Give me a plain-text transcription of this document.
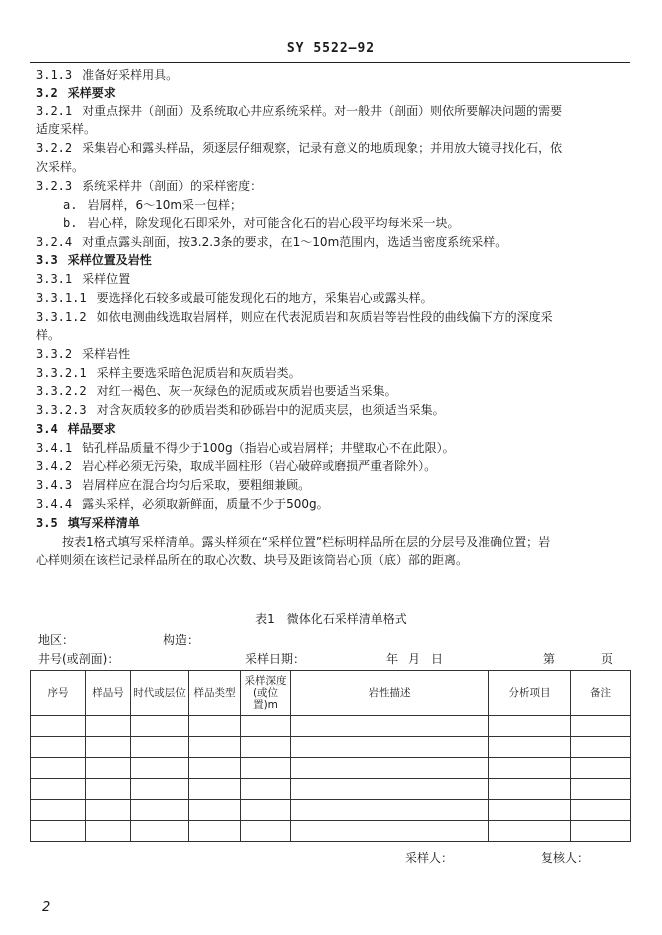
SY 5522—92
3.1.3 准备好采样用具。
3.2 采样要求
3.2.1 对重点探井（剖面）及系统取心井应系统采样。对一般井（剖面）则依所要解决问题的需要
适度采样。
3.2.2 采集岩心和露头样品，须逐层仔细观察，记录有意义的地质现象；并用放大镜寻找化石，依
次采样。
3.2.3 系统采样井（剖面）的采样密度：
a. 岩屑样，6～10m采一包样；
b. 岩心样，除发现化石即采外，对可能含化石的岩心段平均每米采一块。
3.2.4 对重点露头剖面，按3.2.3条的要求，在1～10m范围内，选适当密度系统采样。
3.3 采样位置及岩性
3.3.1 采样位置
3.3.1.1 要选择化石较多或最可能发现化石的地方，采集岩心或露头样。
3.3.1.2 如依电测曲线选取岩屑样，则应在代表泥质岩和灰质岩等岩性段的曲线偏下方的深度采
样。
3.3.2 采样岩性
3.3.2.1 采样主要选采暗色泥质岩和灰质岩类。
3.3.2.2 对红一褐色、灰一灰绿色的泥质或灰质岩也要适当采集。
3.3.2.3 对含灰质较多的砂质岩类和砂砾岩中的泥质夹层，也须适当采集。
3.4 样品要求
3.4.1 钻孔样品质量不得少于100g（指岩心或岩屑样；井壁取心不在此限）。
3.4.2 岩心样必须无污染，取成半圆柱形（岩心破碎或磨损严重者除外）。
3.4.3 岩屑样应在混合均匀后采取，要粗细兼顾。
3.4.4 露头采样，必须取新鲜面，质量不少于500g。
3.5 填写采样清单
按表1格式填写采样清单。露头样须在“采样位置”栏标明样品所在层的分层号及准确位置；岩
心样则须在该栏记录样品所在的取心次数、块号及距该筒岩心顶（底）部的距离。
表1　微体化石采样清单格式
地区：	构造：
井号(或剖面)：	采样日期：	年 月 日	第	页
序号	样品号	时代或层位	样品类型	采样深度(或位置)m	岩性描述	分析项目	备注

采样人：	复核人：
2
